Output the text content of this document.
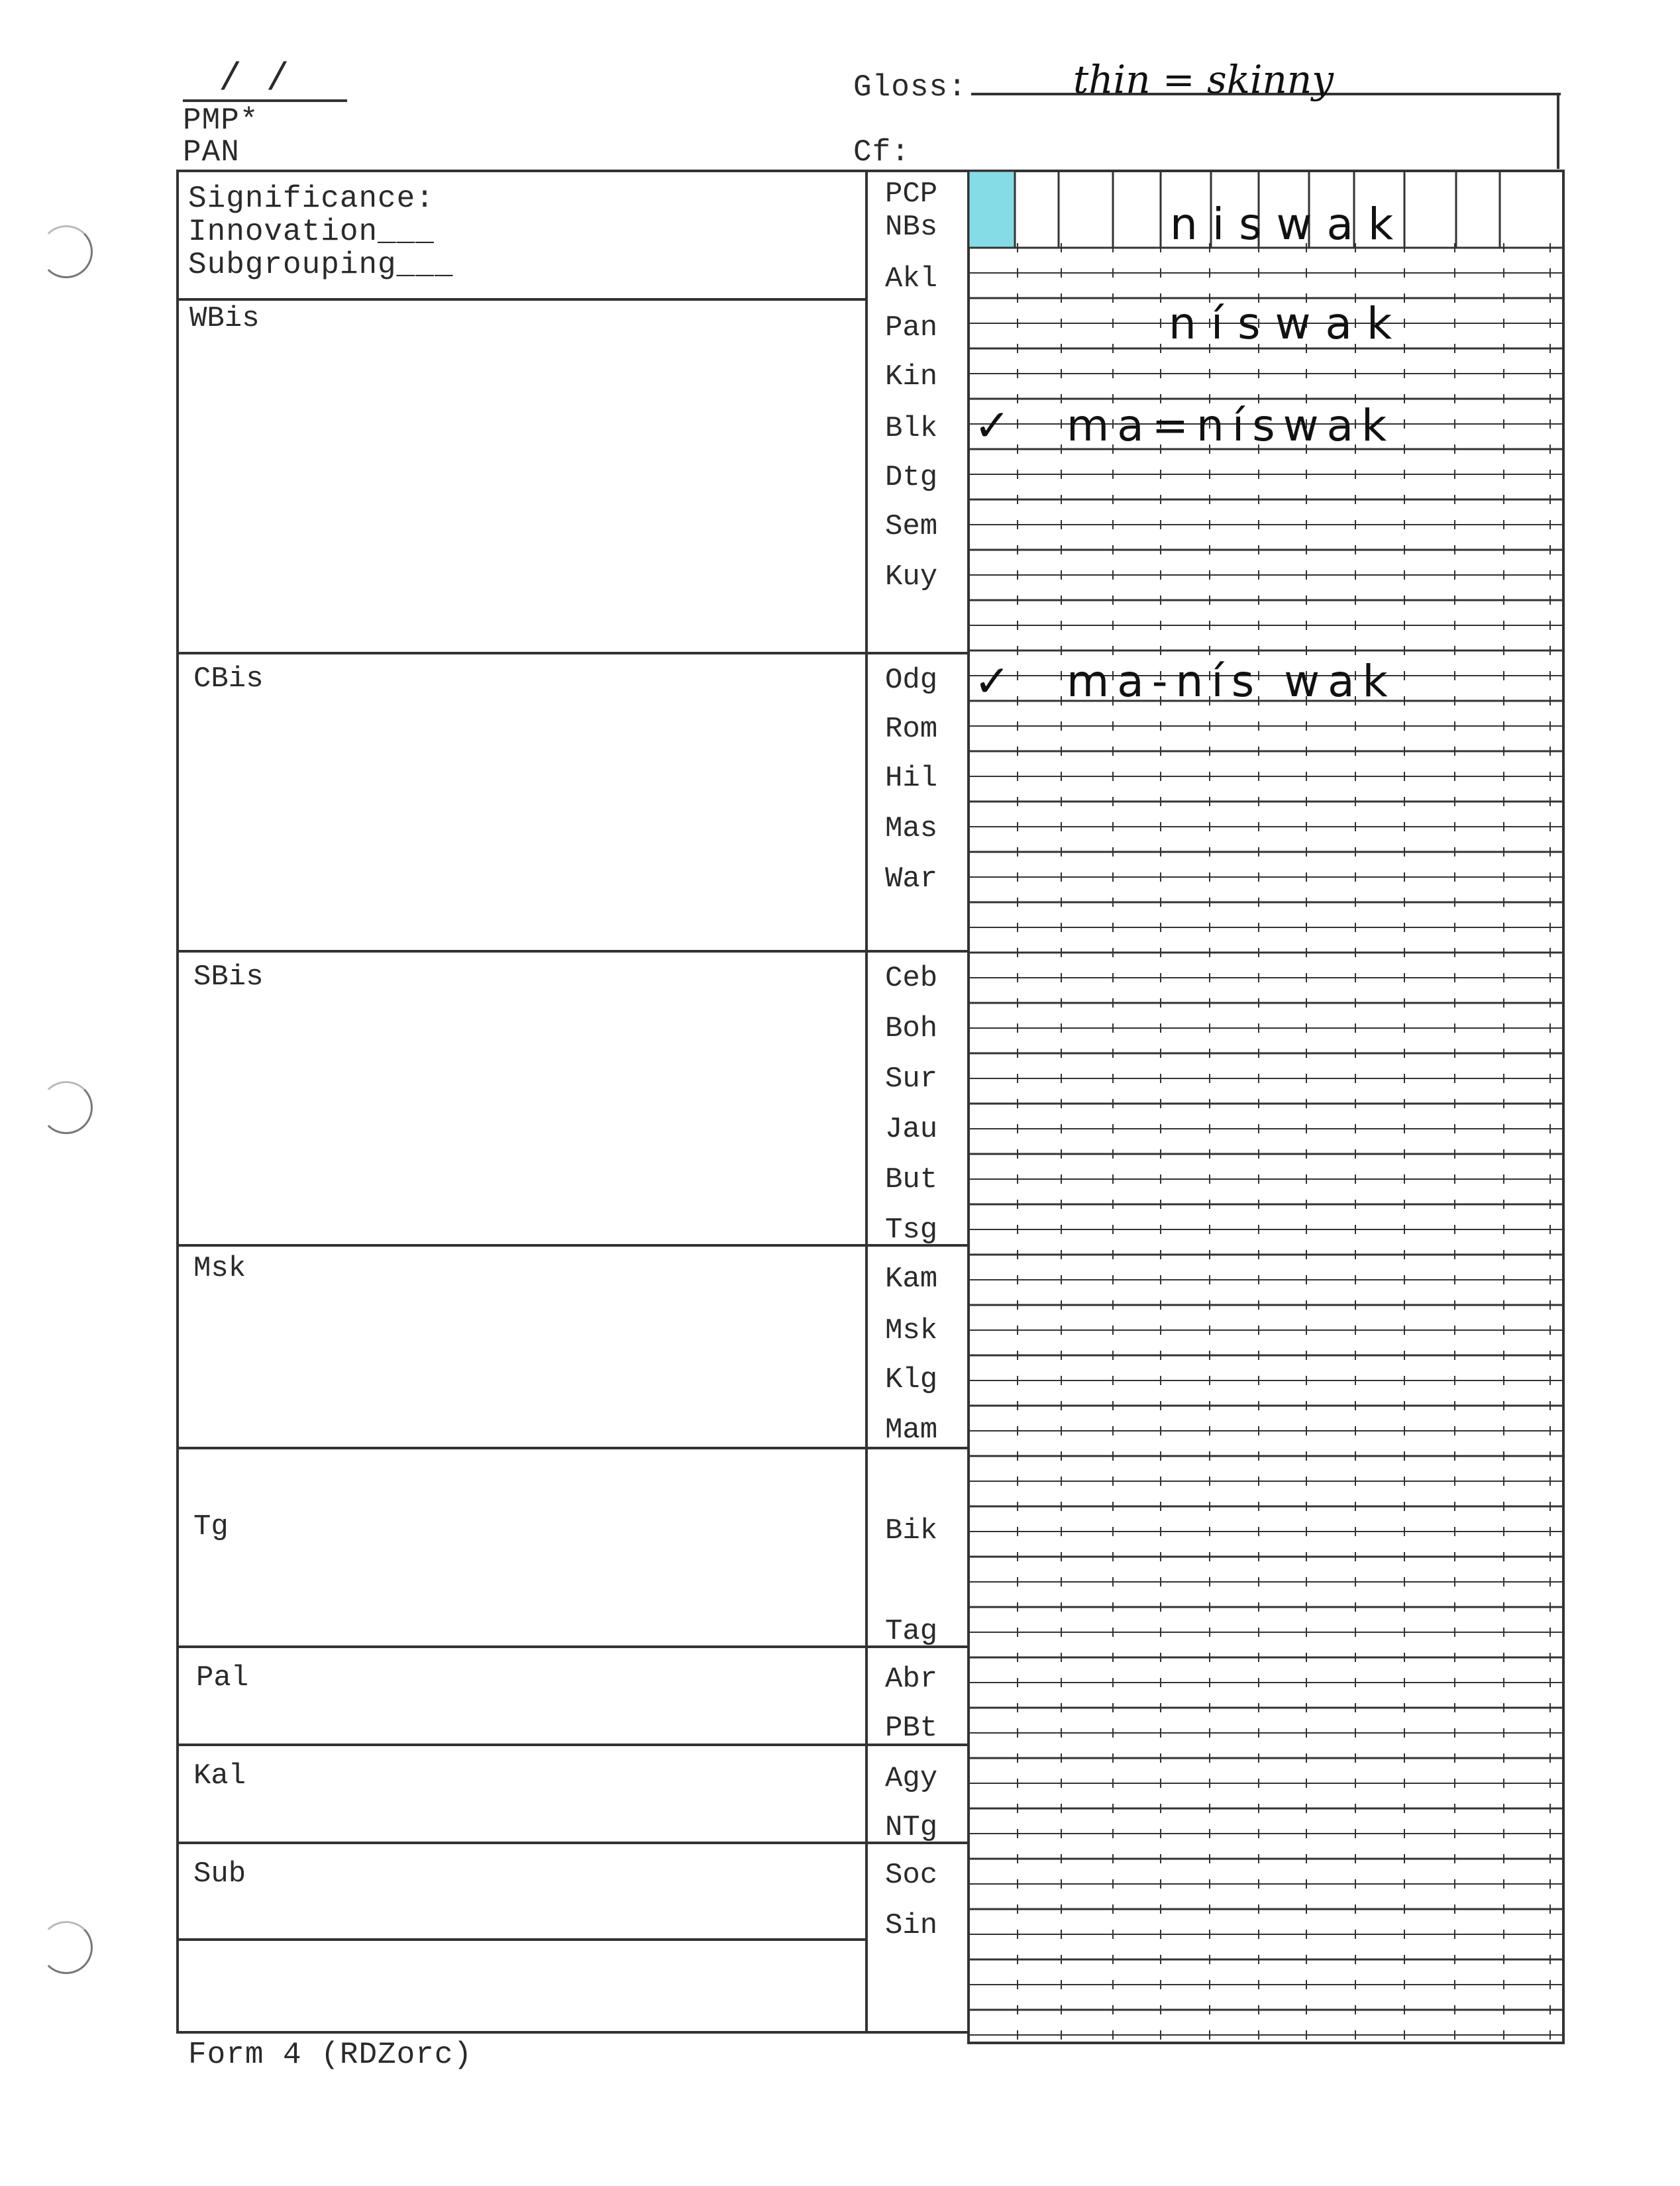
/ /
PMP*
PAN
Gloss:	thin = skinny
Cf:
Significance:
Innovation___
Subgrouping___
WBis
CBis
SBis
Msk
Tg
Pal
Kal
Sub
PCP
NBs
Akl
Pan
Kin
Blk
Dtg
Sem
Kuy
Odg
Rom
Hil
Mas
War
Ceb
Boh
Sur
Jau
But
Tsg
Kam
Msk
Klg
Mam
Bik
Tag
Abr
PBt
Agy
NTg
Soc
Sin
niswak
níswak
✓ ma=níswak
✓ ma-nís wak
Form 4 (RDZorc)
